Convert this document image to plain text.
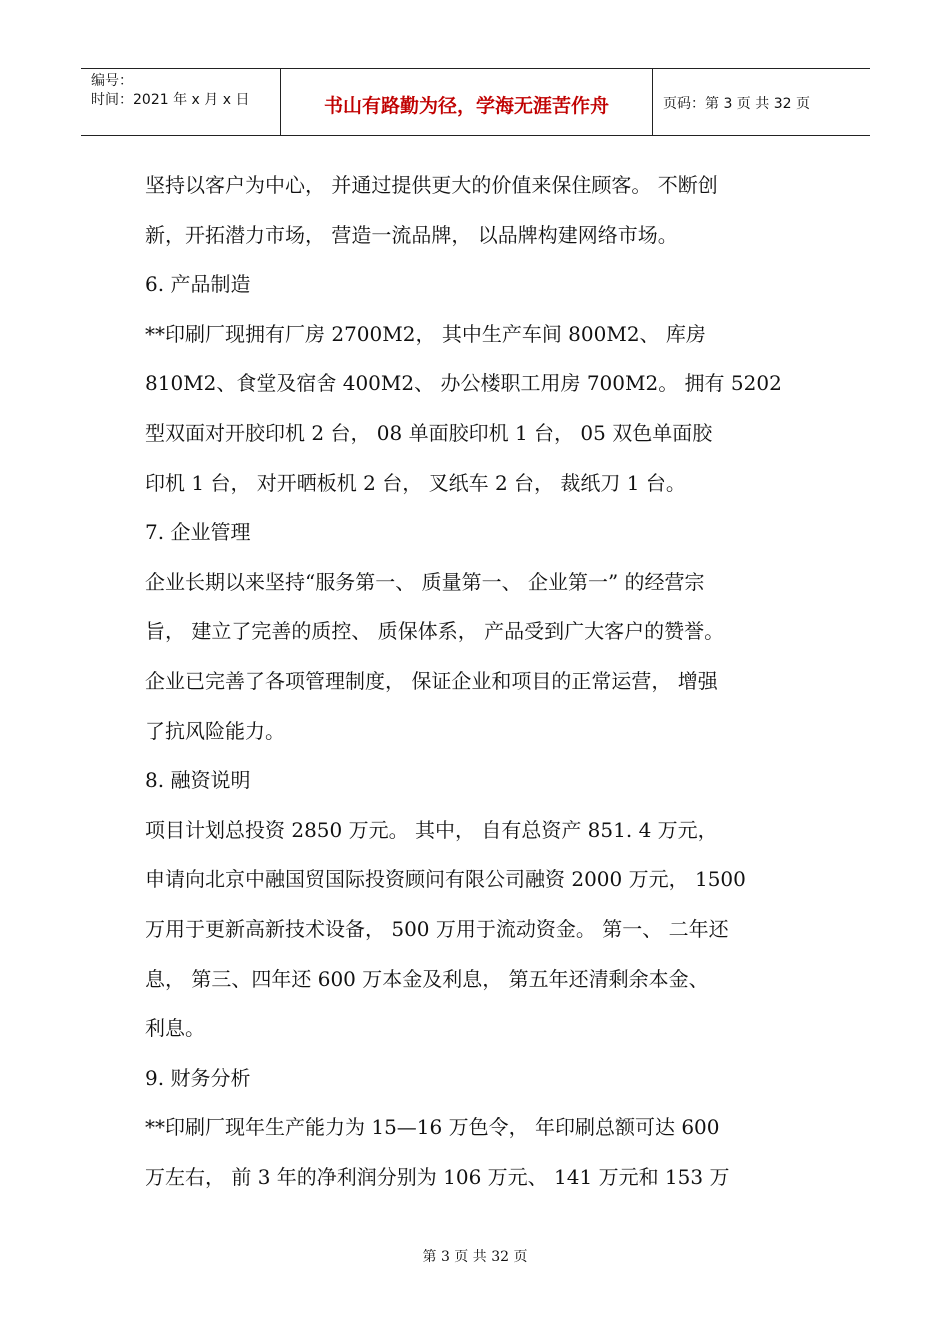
编号：
时间：2021 年 x 月 x 日	书山有路勤为径，学海无涯苦作舟	页码：第 3 页 共 32 页

坚持以客户为中心， 并通过提供更大的价值来保住顾客。 不断创

新，开拓潜力市场， 营造一流品牌， 以品牌构建网络市场。

6. 产品制造

**印刷厂现拥有厂房 2700M2， 其中生产车间 800M2、 库房

810M2、食堂及宿舍 400M2、 办公楼职工用房 700M2。 拥有 5202

型双面对开胶印机 2 台， 08 单面胶印机 1 台， 05 双色单面胶

印机 1 台， 对开晒板机 2 台， 叉纸车 2 台， 裁纸刀 1 台。

7. 企业管理

企业长期以来坚持“服务第一、 质量第一、 企业第一” 的经营宗

旨， 建立了完善的质控、 质保体系， 产品受到广大客户的赞誉。

企业已完善了各项管理制度， 保证企业和项目的正常运营， 增强

了抗风险能力。

8. 融资说明

项目计划总投资 2850 万元。 其中， 自有总资产 851. 4 万元，

申请向北京中融国贸国际投资顾问有限公司融资 2000 万元， 1500

万用于更新高新技术设备， 500 万用于流动资金。 第一、 二年还

息， 第三、四年还 600 万本金及利息， 第五年还清剩余本金、

利息。

9. 财务分析

**印刷厂现年生产能力为 15—16 万色令， 年印刷总额可达 600

万左右， 前 3 年的净利润分别为 106 万元、 141 万元和 153 万

第 3 页 共 32 页
